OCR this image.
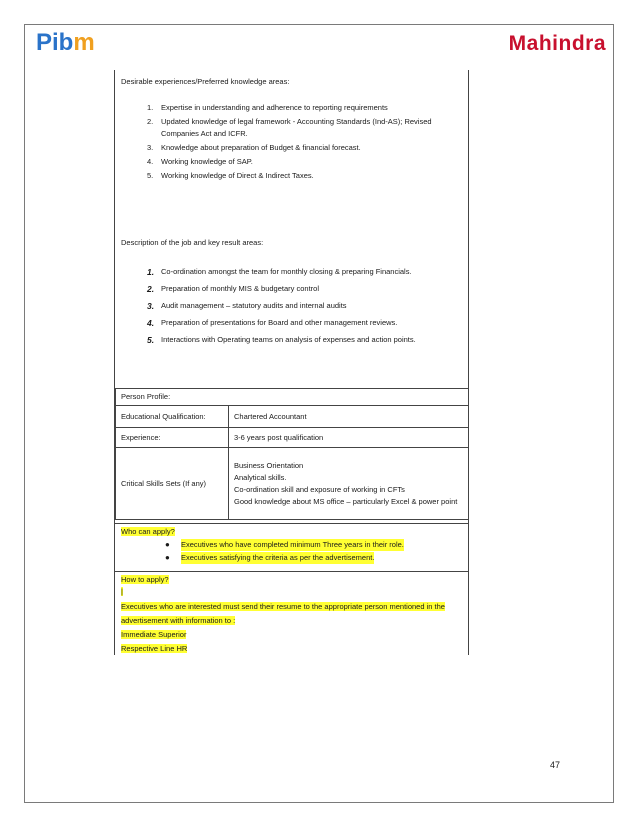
Pibm	Mahindra
Desirable experiences/Preferred knowledge areas:
1.	Expertise in understanding and adherence to reporting requirements
2.	Updated knowledge of legal framework - Accounting Standards (Ind-AS); Revised Companies Act and ICFR.
3.	Knowledge about preparation of Budget & financial forecast.
4.	Working knowledge of SAP.
5.	Working knowledge of Direct & Indirect Taxes.
Description of the job and key result areas:
1. Co-ordination amongst the team for monthly closing & preparing Financials.
2. Preparation of monthly MIS & budgetary control
3. Audit management – statutory audits and internal audits
4. Preparation of presentations for Board and other management reviews.
5. Interactions with Operating teams on analysis of expenses and action points.
Person Profile:	
Educational Qualification:	Chartered Accountant
Experience:	3-6 years post qualification
Critical Skills Sets (If any)	Business Orientation
Analytical skills.
Co-ordination skill and exposure of working in CFTs
Good knowledge about MS office – particularly Excel & power point
Who can apply?
●	Executives who have completed minimum Three years in their role.
●	Executives satisfying the criteria as per the advertisement.
How to apply?
|
Executives who are interested must send their resume to the appropriate person mentioned in the
advertisement with information to :
Immediate Superior
Respective Line HR
47
